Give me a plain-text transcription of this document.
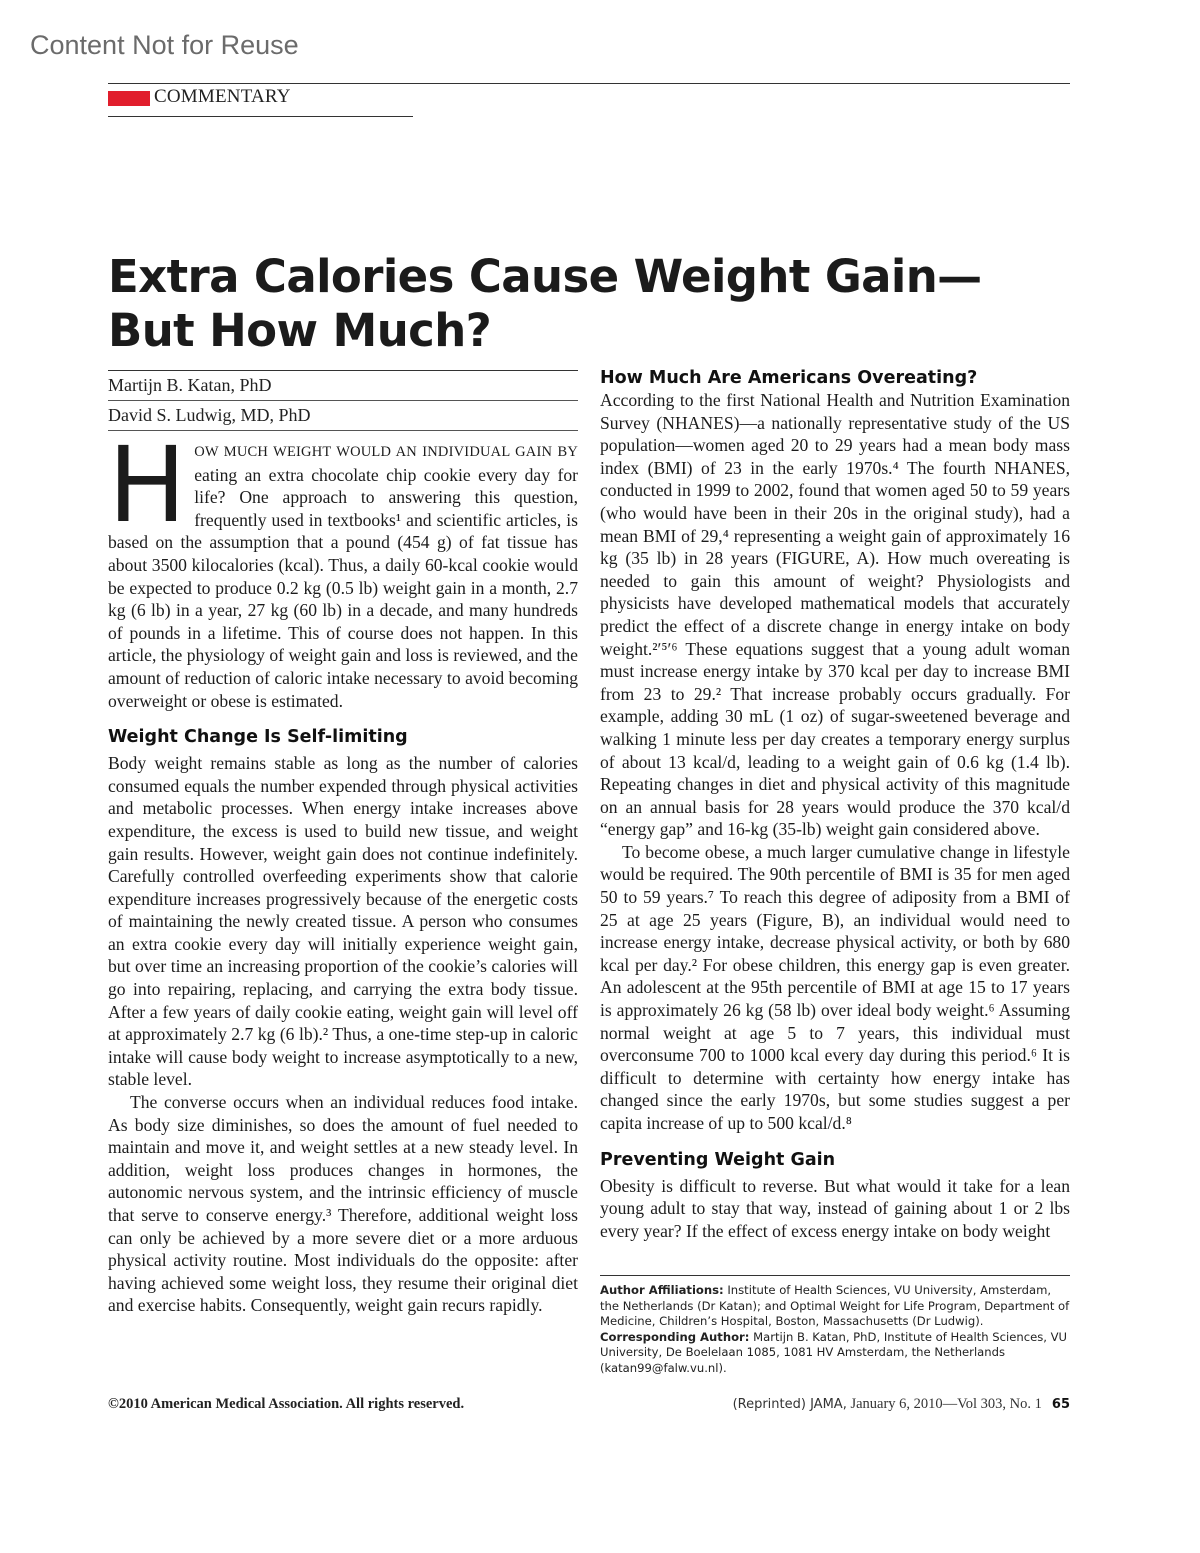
Content Not for Reuse
COMMENTARY
Extra Calories Cause Weight Gain—
But How Much?
Martijn B. Katan, PhD
David S. Ludwig, MD, PhD

HOW MUCH WEIGHT WOULD AN INDIVIDUAL GAIN BY eating an extra chocolate chip cookie every day for life? One approach to answering this question, frequently used in textbooks¹ and scientific articles, is based on the assumption that a pound (454 g) of fat tissue has about 3500 kilocalories (kcal). Thus, a daily 60-kcal cookie would be expected to produce 0.2 kg (0.5 lb) weight gain in a month, 2.7 kg (6 lb) in a year, 27 kg (60 lb) in a decade, and many hundreds of pounds in a lifetime. This of course does not happen. In this article, the physiology of weight gain and loss is reviewed, and the amount of reduction of caloric intake necessary to avoid becoming overweight or obese is estimated.

Weight Change Is Self-limiting

Body weight remains stable as long as the number of calories consumed equals the number expended through physical activities and metabolic processes. When energy intake increases above expenditure, the excess is used to build new tissue, and weight gain results. However, weight gain does not continue indefinitely. Carefully controlled overfeeding experiments show that calorie expenditure increases progressively because of the energetic costs of maintaining the newly created tissue. A person who consumes an extra cookie every day will initially experience weight gain, but over time an increasing proportion of the cookie’s calories will go into repairing, replacing, and carrying the extra body tissue. After a few years of daily cookie eating, weight gain will level off at approximately 2.7 kg (6 lb).² Thus, a one-time step-up in caloric intake will cause body weight to increase asymptotically to a new, stable level.

The converse occurs when an individual reduces food intake. As body size diminishes, so does the amount of fuel needed to maintain and move it, and weight settles at a new steady level. In addition, weight loss produces changes in hormones, the autonomic nervous system, and the intrinsic efficiency of muscle that serve to conserve energy.³ Therefore, additional weight loss can only be achieved by a more severe diet or a more arduous physical activity routine. Most individuals do the opposite: after having achieved some weight loss, they resume their original diet and exercise habits. Consequently, weight gain recurs rapidly.

How Much Are Americans Overeating?

According to the first National Health and Nutrition Examination Survey (NHANES)—a nationally representative study of the US population—women aged 20 to 29 years had a mean body mass index (BMI) of 23 in the early 1970s.⁴ The fourth NHANES, conducted in 1999 to 2002, found that women aged 50 to 59 years (who would have been in their 20s in the original study), had a mean BMI of 29,⁴ representing a weight gain of approximately 16 kg (35 lb) in 28 years (FIGURE, A). How much overeating is needed to gain this amount of weight? Physiologists and physicists have developed mathematical models that accurately predict the effect of a discrete change in energy intake on body weight.²ʹ⁵ʹ⁶ These equations suggest that a young adult woman must increase energy intake by 370 kcal per day to increase BMI from 23 to 29.² That increase probably occurs gradually. For example, adding 30 mL (1 oz) of sugar-sweetened beverage and walking 1 minute less per day creates a temporary energy surplus of about 13 kcal/d, leading to a weight gain of 0.6 kg (1.4 lb). Repeating changes in diet and physical activity of this magnitude on an annual basis for 28 years would produce the 370 kcal/d “energy gap” and 16-kg (35-lb) weight gain considered above.

To become obese, a much larger cumulative change in lifestyle would be required. The 90th percentile of BMI is 35 for men aged 50 to 59 years.⁷ To reach this degree of adiposity from a BMI of 25 at age 25 years (Figure, B), an individual would need to increase energy intake, decrease physical activity, or both by 680 kcal per day.² For obese children, this energy gap is even greater. An adolescent at the 95th percentile of BMI at age 15 to 17 years is approximately 26 kg (58 lb) over ideal body weight.⁶ Assuming normal weight at age 5 to 7 years, this individual must overconsume 700 to 1000 kcal every day during this period.⁶ It is difficult to determine with certainty how energy intake has changed since the early 1970s, but some studies suggest a per capita increase of up to 500 kcal/d.⁸

Preventing Weight Gain

Obesity is difficult to reverse. But what would it take for a lean young adult to stay that way, instead of gaining about 1 or 2 lbs every year? If the effect of excess energy intake on body weight

Author Affiliations: Institute of Health Sciences, VU University, Amsterdam, the Netherlands (Dr Katan); and Optimal Weight for Life Program, Department of Medicine, Children’s Hospital, Boston, Massachusetts (Dr Ludwig).

Corresponding Author: Martijn B. Katan, PhD, Institute of Health Sciences, VU University, De Boelelaan 1085, 1081 HV Amsterdam, the Netherlands (katan99@falw.vu.nl).

©2010 American Medical Association. All rights reserved.	(Reprinted) JAMA, January 6, 2010—Vol 303, No. 1 65
